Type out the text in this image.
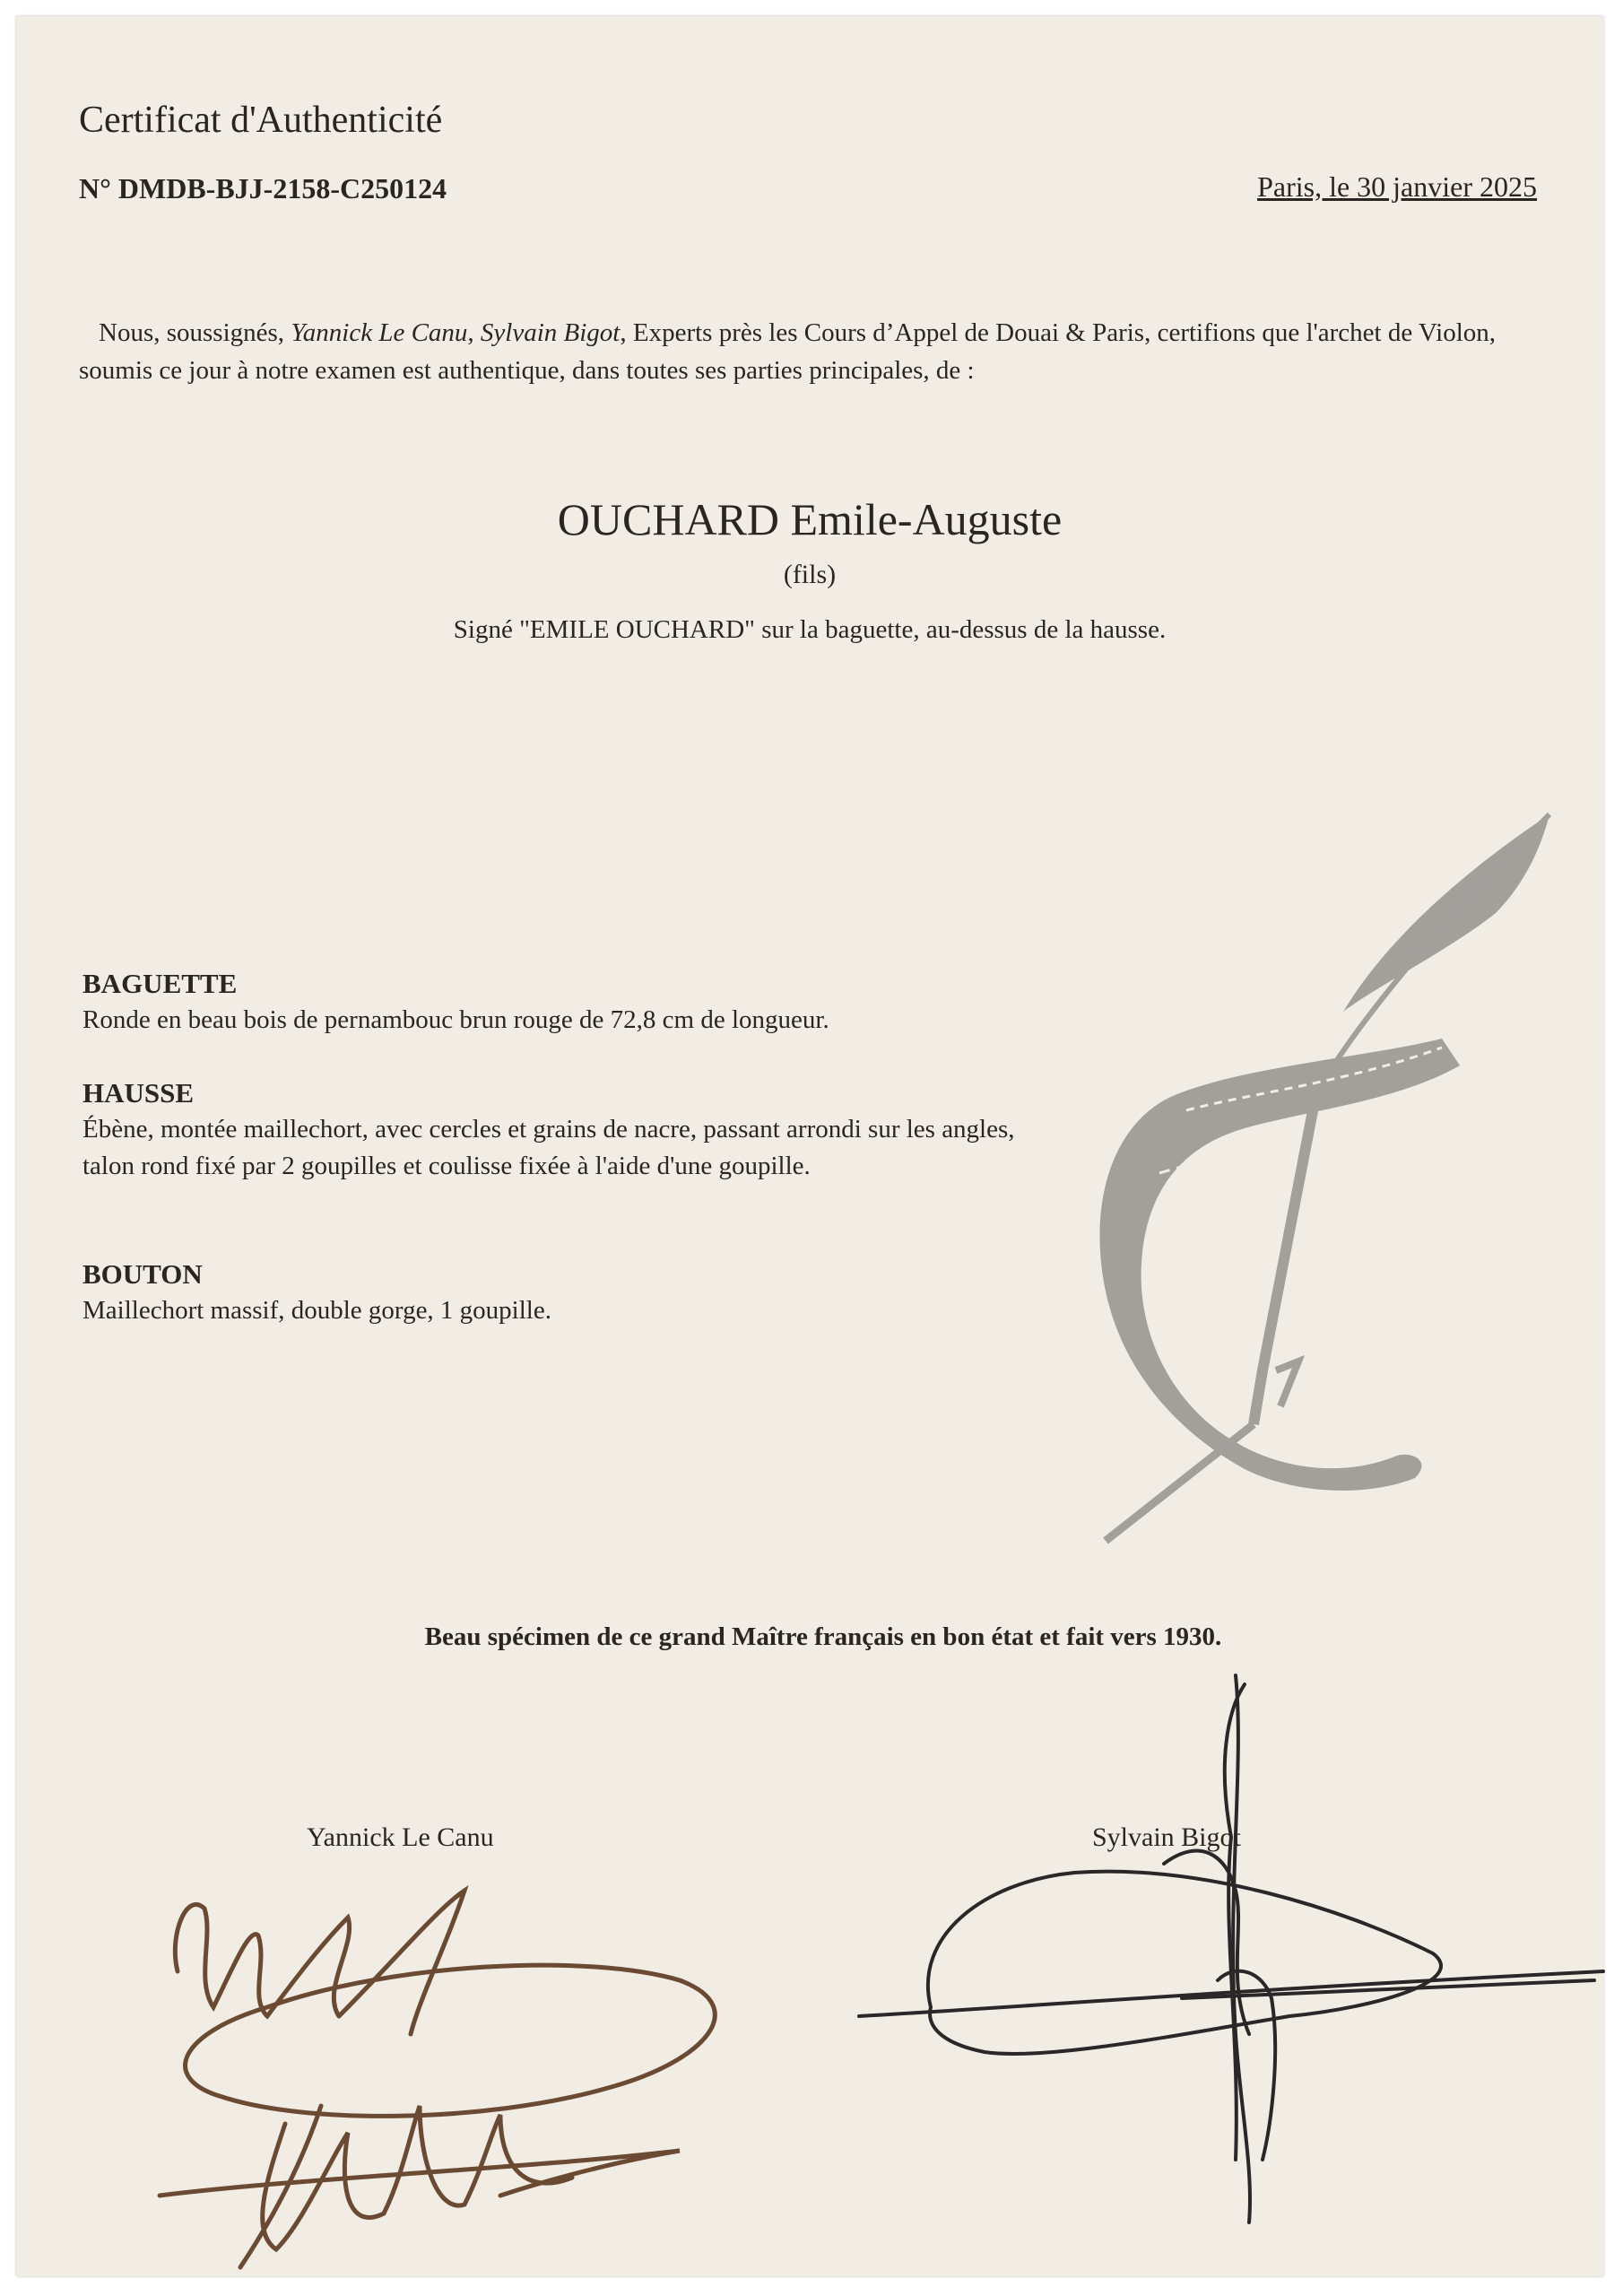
Certificat d'Authenticité
N° DMDB-BJJ-2158-C250124	Paris, le 30 janvier 2025
Nous, soussignés, Yannick Le Canu, Sylvain Bigot, Experts près les Cours d’Appel de Douai & Paris, certifions que l'archet de Violon, soumis ce jour à notre examen est authentique, dans toutes ses parties principales, de :
OUCHARD Emile-Auguste
(fils)
Signé "EMILE OUCHARD" sur la baguette, au-dessus de la hausse.
BAGUETTE
Ronde en beau bois de pernambouc brun rouge de 72,8 cm de longueur.
HAUSSE
Ébène, montée maillechort, avec cercles et grains de nacre, passant arrondi sur les angles, talon rond fixé par 2 goupilles et coulisse fixée à l'aide d'une goupille.
BOUTON
Maillechort massif, double gorge, 1 goupille.
Beau spécimen de ce grand Maître français en bon état et fait vers 1930.
Yannick Le Canu	Sylvain Bigot
